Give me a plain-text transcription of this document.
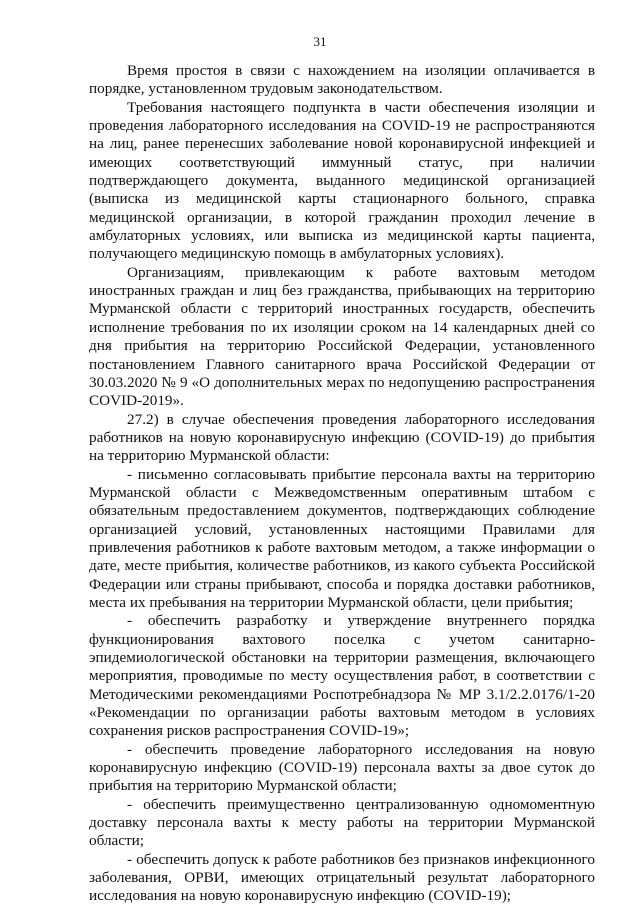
31

Время простоя в связи с нахождением на изоляции оплачивается в порядке, установленном трудовым законодательством.

Требования настоящего подпункта в части обеспечения изоляции и проведения лабораторного исследования на COVID-19 не распространяются на лиц, ранее перенесших заболевание новой коронавирусной инфекцией и имеющих соответствующий иммунный статус, при наличии подтверждающего документа, выданного медицинской организацией (выписка из медицинской карты стационарного больного, справка медицинской организации, в которой гражданин проходил лечение в амбулаторных условиях, или выписка из медицинской карты пациента, получающего медицинскую помощь в амбулаторных условиях).

Организациям, привлекающим к работе вахтовым методом иностранных граждан и лиц без гражданства, прибывающих на территорию Мурманской области с территорий иностранных государств, обеспечить исполнение требования по их изоляции сроком на 14 календарных дней со дня прибытия на территорию Российской Федерации, установленного постановлением Главного санитарного врача Российской Федерации от 30.03.2020 № 9 «О дополнительных мерах по недопущению распространения COVID-2019».

27.2) в случае обеспечения проведения лабораторного исследования работников на новую коронавирусную инфекцию (COVID-19) до прибытия на территорию Мурманской области:

- письменно согласовывать прибытие персонала вахты на территорию Мурманской области с Межведомственным оперативным штабом с обязательным предоставлением документов, подтверждающих соблюдение организацией условий, установленных настоящими Правилами для привлечения работников к работе вахтовым методом, а также информации о дате, месте прибытия, количестве работников, из какого субъекта Российской Федерации или страны прибывают, способа и порядка доставки работников, места их пребывания на территории Мурманской области, цели прибытия;

- обеспечить разработку и утверждение внутреннего порядка функционирования вахтового поселка с учетом санитарно-эпидемиологической обстановки на территории размещения, включающего мероприятия, проводимые по месту осуществления работ, в соответствии с Методическими рекомендациями Роспотребнадзора № МР 3.1/2.2.0176/1-20 «Рекомендации по организации работы вахтовым методом в условиях сохранения рисков распространения COVID-19»;

- обеспечить проведение лабораторного исследования на новую коронавирусную инфекцию (COVID-19) персонала вахты за двое суток до прибытия на территорию Мурманской области;

- обеспечить преимущественно централизованную одномоментную доставку персонала вахты к месту работы на территории Мурманской области;

- обеспечить допуск к работе работников без признаков инфекционного заболевания, ОРВИ, имеющих отрицательный результат лабораторного исследования на новую коронавирусную инфекцию (COVID-19);
